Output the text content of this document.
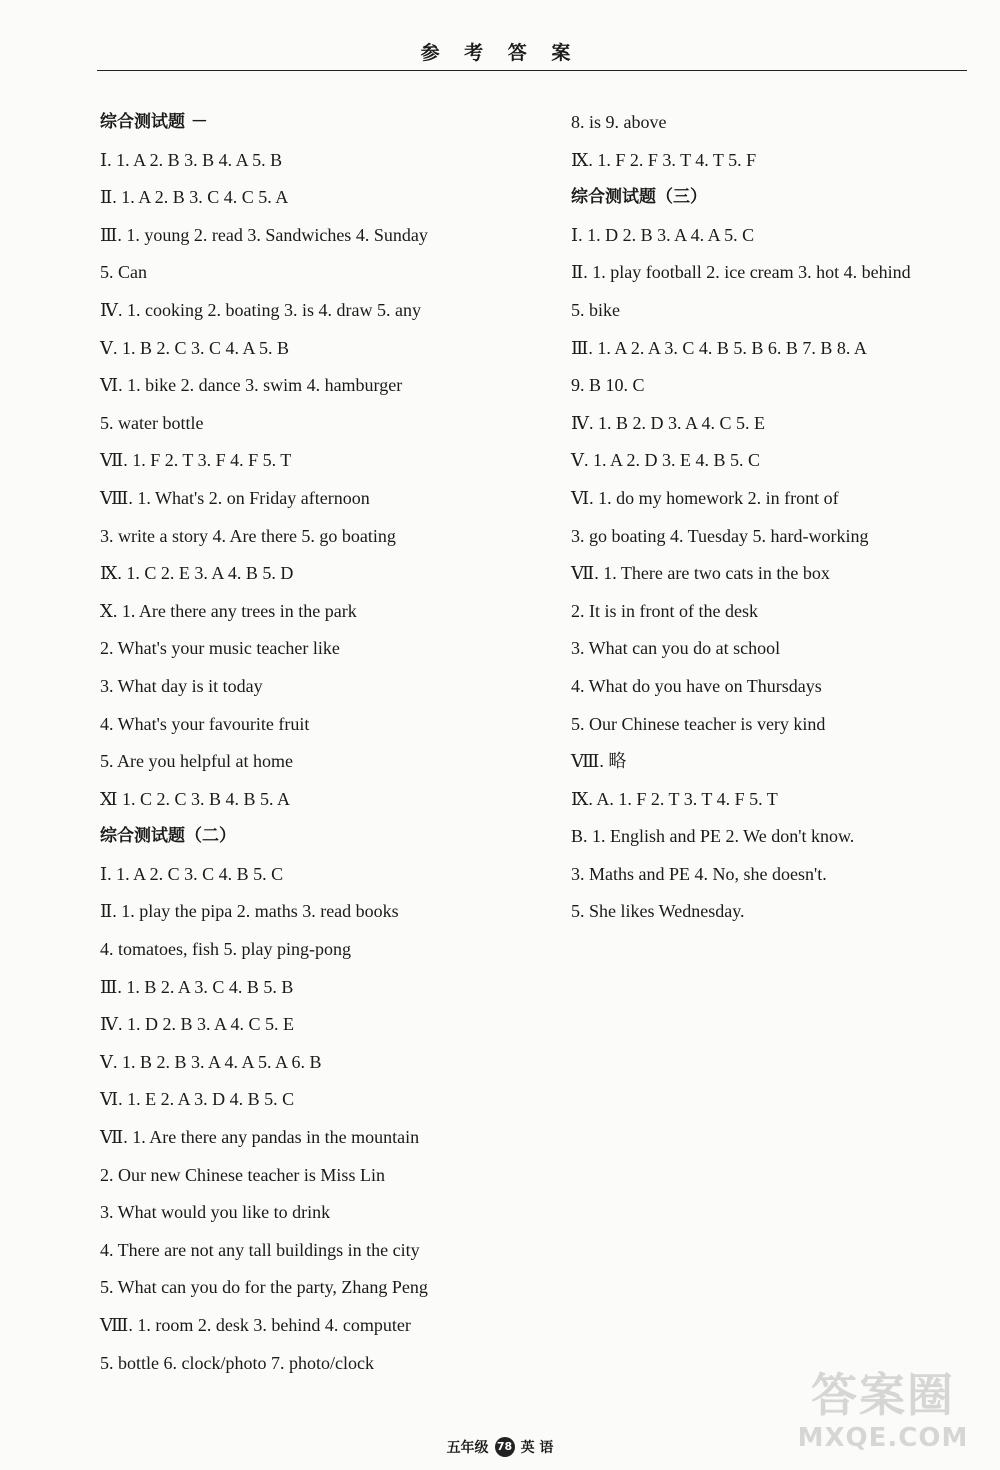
参 考 答 案
综合测试题 －
Ⅰ. 1. A 2. B 3. B 4. A 5. B
Ⅱ. 1. A 2. B 3. C 4. C 5. A
Ⅲ. 1. young 2. read 3. Sandwiches 4. Sunday
5. Can
Ⅳ. 1. cooking 2. boating 3. is 4. draw 5. any
Ⅴ. 1. B 2. C 3. C 4. A 5. B
Ⅵ. 1. bike 2. dance 3. swim 4. hamburger
5. water bottle
Ⅶ. 1. F 2. T 3. F 4. F 5. T
Ⅷ. 1. What's 2. on Friday afternoon
3. write a story 4. Are there 5. go boating
Ⅸ. 1. C 2. E 3. A 4. B 5. D
Ⅹ. 1. Are there any trees in the park
2. What's your music teacher like
3. What day is it today
4. What's your favourite fruit
5. Are you helpful at home
Ⅺ 1. C 2. C 3. B 4. B 5. A
综合测试题（二）
Ⅰ. 1. A 2. C 3. C 4. B 5. C
Ⅱ. 1. play the pipa 2. maths 3. read books
4. tomatoes, fish 5. play ping-pong
Ⅲ. 1. B 2. A 3. C 4. B 5. B
Ⅳ. 1. D 2. B 3. A 4. C 5. E
Ⅴ. 1. B 2. B 3. A 4. A 5. A 6. B
Ⅵ. 1. E 2. A 3. D 4. B 5. C
Ⅶ. 1. Are there any pandas in the mountain
2. Our new Chinese teacher is Miss Lin
3. What would you like to drink
4. There are not any tall buildings in the city
5. What can you do for the party, Zhang Peng
Ⅷ. 1. room 2. desk 3. behind 4. computer
5. bottle 6. clock/photo 7. photo/clock
8. is 9. above
Ⅸ. 1. F 2. F 3. T 4. T 5. F
综合测试题（三）
Ⅰ. 1. D 2. B 3. A 4. A 5. C
Ⅱ. 1. play football 2. ice cream 3. hot 4. behind
5. bike
Ⅲ. 1. A 2. A 3. C 4. B 5. B 6. B 7. B 8. A
9. B 10. C
Ⅳ. 1. B 2. D 3. A 4. C 5. E
Ⅴ. 1. A 2. D 3. E 4. B 5. C
Ⅵ. 1. do my homework 2. in front of
3. go boating 4. Tuesday 5. hard-working
Ⅶ. 1. There are two cats in the box
2. It is in front of the desk
3. What can you do at school
4. What do you have on Thursdays
5. Our Chinese teacher is very kind
Ⅷ. 略
Ⅸ. A. 1. F 2. T 3. T 4. F 5. T
B. 1. English and PE 2. We don't know.
3. Maths and PE 4. No, she doesn't.
5. She likes Wednesday.
五年级 78 英 语
答案圈
MXQE.COM
